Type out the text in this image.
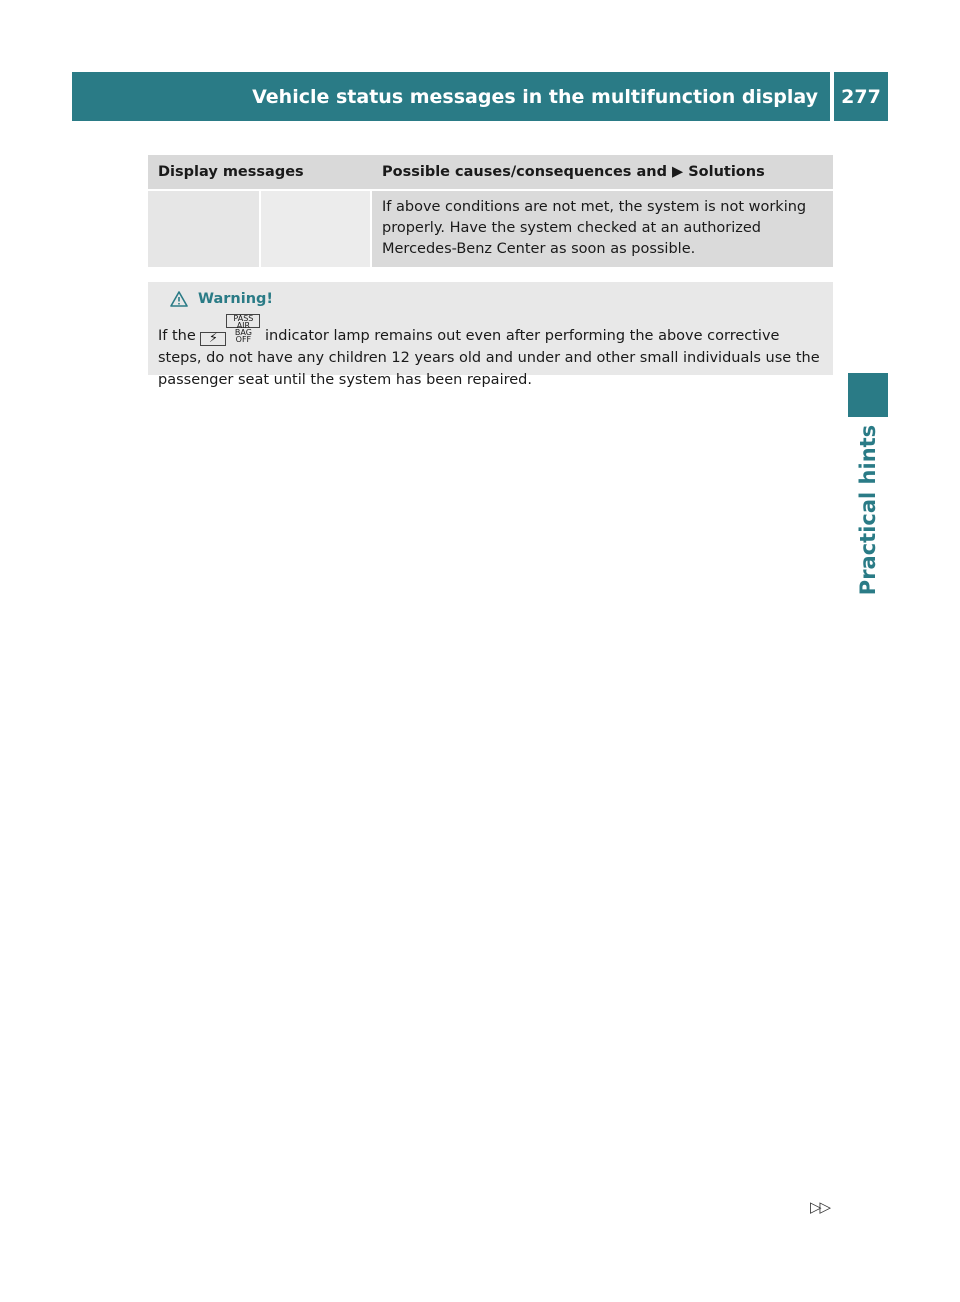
Vehicle status messages in the multifunction display	277
Practical hints
Display messages		Possible causes/consequences and ▶ Solutions
		If above conditions are not met, the system is not working properly. Have the system checked at an authorized Mercedes-Benz Center as soon as possible.
Warning!
If the ⚡PASS
AIR BAG OFF indicator lamp remains out even after performing the above corrective steps, do not have any children 12 years old and under and other small individuals use the passenger seat until the system has been repaired.
▷▷
